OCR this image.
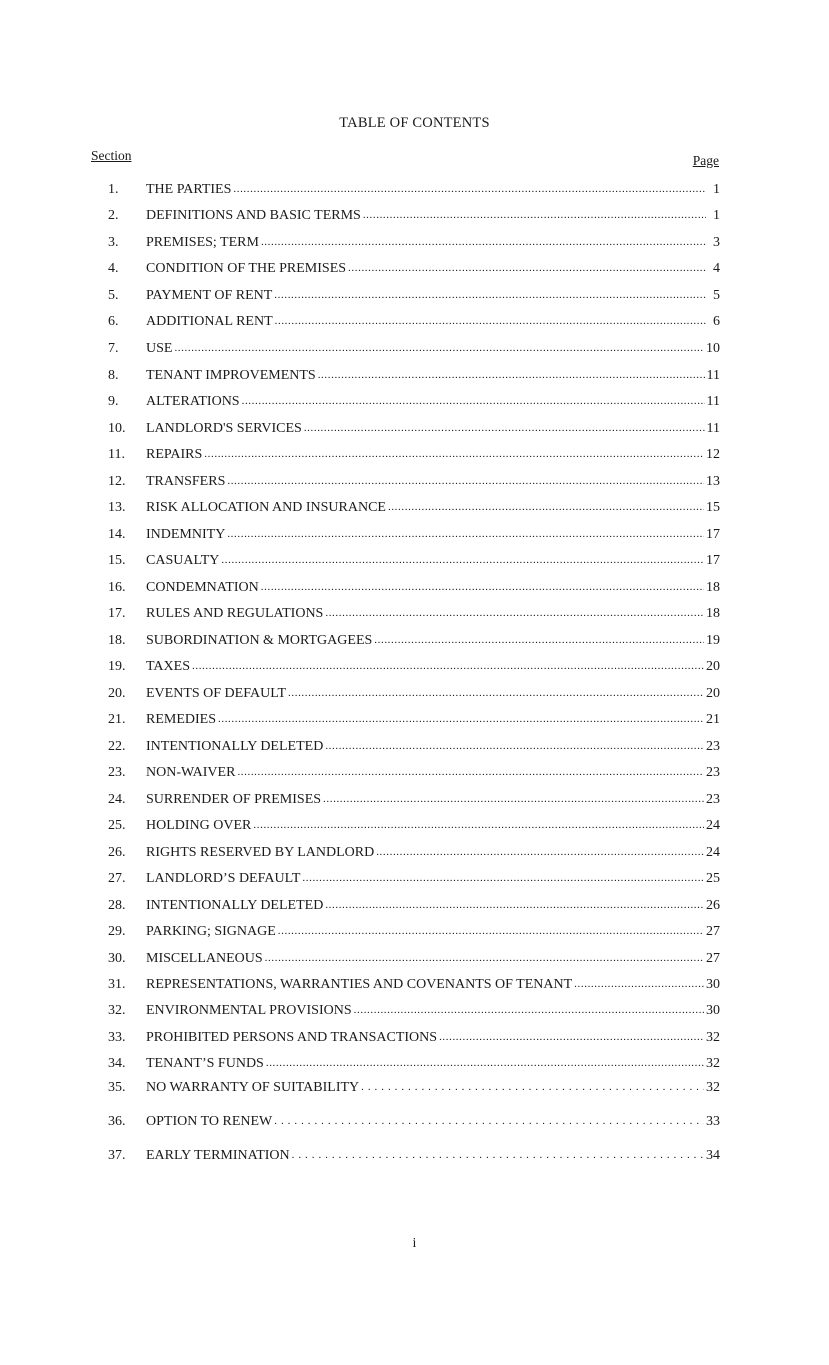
TABLE OF CONTENTS
Section	Page
1.	THE PARTIES .....	1
2.	DEFINITIONS AND BASIC TERMS .....	1
3.	PREMISES; TERM .....	3
4.	CONDITION OF THE PREMISES .....	4
5.	PAYMENT OF RENT .....	5
6.	ADDITIONAL RENT .....	6
7.	USE .....	10
8.	TENANT IMPROVEMENTS .....	11
9.	ALTERATIONS .....	11
10.	LANDLORD'S SERVICES .....	11
11.	REPAIRS .....	12
12.	TRANSFERS .....	13
13.	RISK ALLOCATION AND INSURANCE .....	15
14.	INDEMNITY .....	17
15.	CASUALTY .....	17
16.	CONDEMNATION .....	18
17.	RULES AND REGULATIONS .....	18
18.	SUBORDINATION & MORTGAGEES .....	19
19.	TAXES .....	20
20.	EVENTS OF DEFAULT .....	20
21.	REMEDIES .....	21
22.	INTENTIONALLY DELETED .....	23
23.	NON-WAIVER .....	23
24.	SURRENDER OF PREMISES .....	23
25.	HOLDING OVER .....	24
26.	RIGHTS RESERVED BY LANDLORD .....	24
27.	LANDLORD’S DEFAULT .....	25
28.	INTENTIONALLY DELETED .....	26
29.	PARKING; SIGNAGE .....	27
30.	MISCELLANEOUS .....	27
31.	REPRESENTATIONS, WARRANTIES AND COVENANTS OF TENANT .....	30
32.	ENVIRONMENTAL PROVISIONS .....	30
33.	PROHIBITED PERSONS AND TRANSACTIONS .....	32
34.	TENANT’S FUNDS .....	32
35.	NO WARRANTY OF SUITABILITY . . .	32
36.	OPTION TO RENEW . . .	33
37.	EARLY TERMINATION . . .	34
i
